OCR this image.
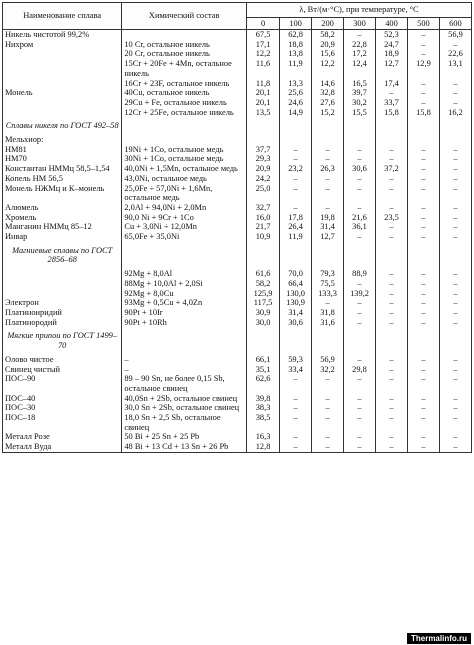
Наименование сплава	Химический состав	λ, Вт/(м·°С), при температуре, °С						
		0	100	200	300	400	500	600
Никель чистотой 99,2%		67,5	62,8	58,2	–	52,3	–	56,9
Нихром	10 Cr, остальное никель	17,1	18,8	20,9	22,8	24,7	–	–
	20 Cr, остальное никель	12,2	13,8	15,6	17,2	18,9	–	22,6
	15Cr + 20Fe + 4Mn, остальное никель	11,6	11,9	12,2	12,4	12,7	12,9	13,1
	16Cr + 23F, остальное никель	11,8	13,3	14,6	16,5	17,4	–	–
Монель	40Cu, остальное никель	20,1	25,6	32,8	39,7	–	–	–
	29Cu + Fe, остальное никель	20,1	24,6	27,6	30,2	33,7	–	–
	12Cr + 25Fe, остальное никель	13,5	14,9	15,2	15,5	15,8	15,8	16,2
Сплавы никеля по ГОСТ 492–58								
Мельхиор:								
НМ81	19Ni + 1Co, остальное медь	37,7	–	–	–	–	–	–
НМ70	30Ni + 1Co, остальное медь	29,3	–	–	–	–	–	–
Константан НММц 58,5–1,54	40,0Ni + 1,5Mn, остальное медь	20,9	23,2	26,3	30,6	37,2	–	–
Копель НМ 56,5	43,0Ni, остальное медь	24,2	–	–	–	–	–	–
Монель НЖМц и К–монель	25,0Fe ÷ 57,0Ni + 1,6Mn, остальное медь	25,0	–	–	–	–	–	–
Алюмель	2,0Al + 94,0Ni + 2,0Mn	32,7	–	–	–	–	–	–
Хромель	90,0 Ni + 9Cr + 1Co	16,0	17,8	19,8	21,6	23,5	–	–
Манганин НММц 85–12	Cu + 3,0Ni ÷ 12,0Mn	21,7	26,4	31,4	36,1	–	–	–
Инвар	65,0Fe + 35,0Ni	10,9	11,9	12,7	–	–	–	–
Магниевые сплавы по ГОСТ 2856–68								
	92Mg + 8,0Al	61,6	70,0	79,3	88,9	–	–	–
	88Mg + 10,0Al + 2,0Si	58,2	66,4	75,5	–	–	–	–
	92Mg + 8,0Cu	125,9	130,0	133,3	139,2	–	–	–
Электрон	93Mg + 0,5Cu + 4,0Zn	117,5	130,9	–	–	–	–	–
Платиноиридий	90Pt + 10Ir	30,9	31,4	31,8	–	–	–	–
Платинородий	90Pt + 10Rh	30,0	30,6	31,6	–	–	–	–
Мягкие припои по ГОСТ 1499–70								
Олово чистое	–	66,1	59,3	56,9	–	–	–	–
Свинец чистый	–	35,1	33,4	32,2	29,8	–	–	–
ПОС–90	89 – 90 Sn, не более 0,15 Sb, остальное свинец	62,6	–	–	–	–	–	–
ПОС–40	40,0Sn + 2Sb, остальное свинец	39,8	–	–	–	–	–	–
ПОС–30	30,0 Sn + 2Sb, остальное свинец	38,3	–	–	–	–	–	–
ПОС–18	18,0 Sn + 2,5 Sb, остальное свинец	38,5	–	–	–	–	–	–
Металл Розе	50 Bi + 25 Sn + 25 Pb	16,3	–	–	–	–	–	–
Металл Вуда	48 Bi + 13 Cd + 13 Sn + 26 Pb	12,8	–	–	–	–	–	–
Thermalinfo.ru
